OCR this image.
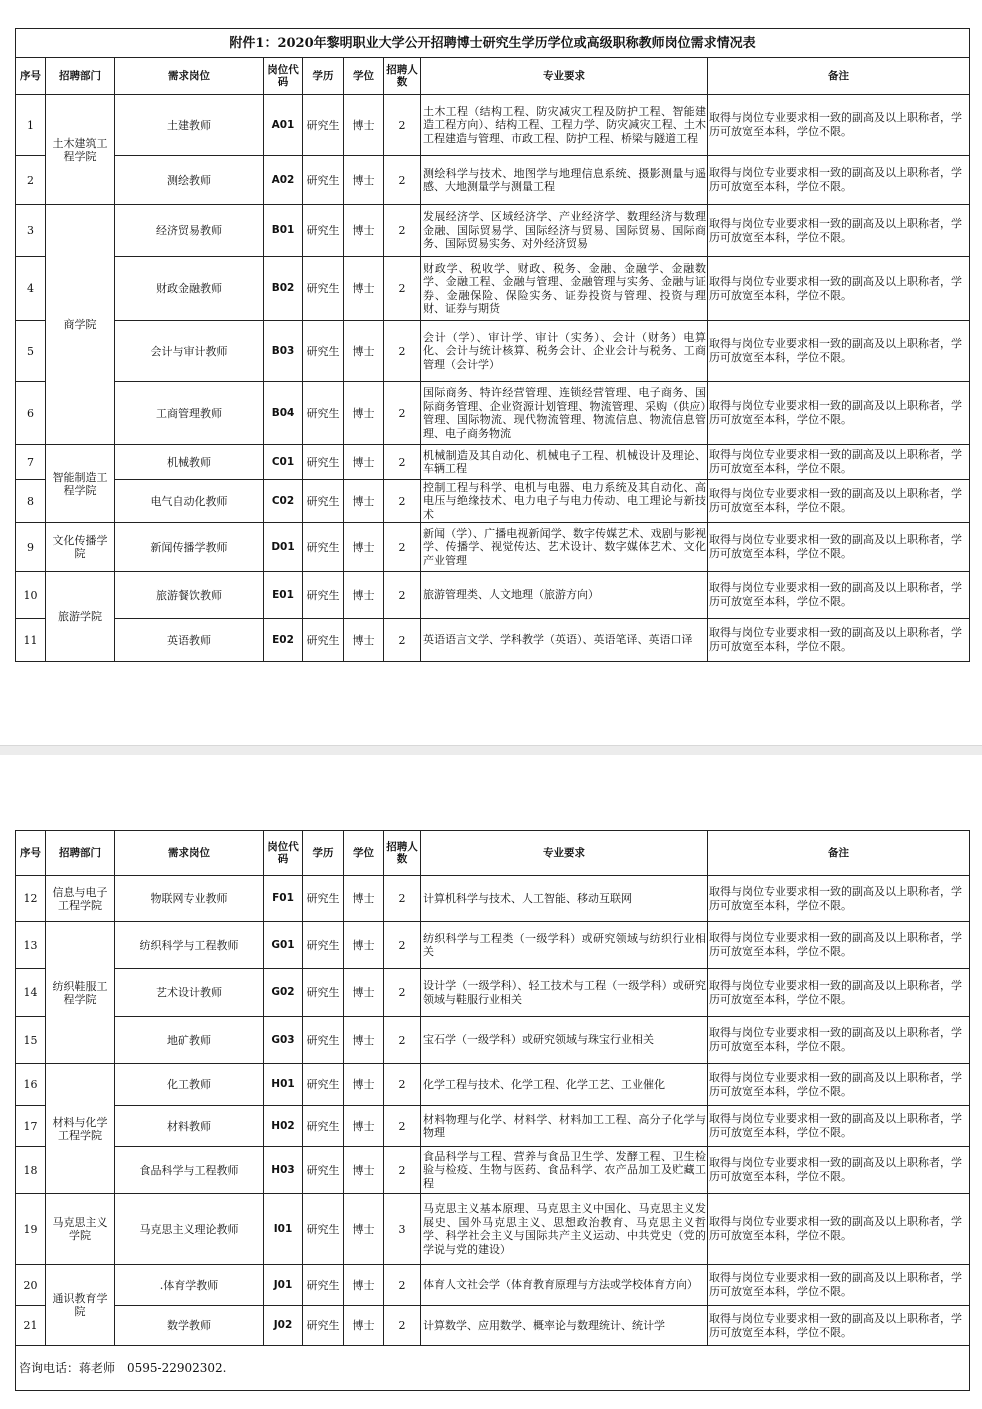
附件1：2020年黎明职业大学公开招聘博士研究生学历学位或高级职称教师岗位需求情况表								
序号	招聘部门	需求岗位	岗位代码	学历	学位	招聘人数	专业要求	备注
1	土木建筑工程学院	土建教师	A01	研究生	博士	2	土木工程（结构工程、防灾减灾工程及防护工程、智能建造工程方向）、结构工程、工程力学、防灾减灾工程、土木工程建造与管理、市政工程、防护工程、桥梁与隧道工程	取得与岗位专业要求相一致的副高及以上职称者，学历可放宽至本科，学位不限。
2		测绘教师	A02	研究生	博士	2	测绘科学与技术、地图学与地理信息系统、摄影测量与遥感、大地测量学与测量工程	取得与岗位专业要求相一致的副高及以上职称者，学历可放宽至本科，学位不限。
3	商学院	经济贸易教师	B01	研究生	博士	2	发展经济学、区域经济学、产业经济学、数理经济与数理金融、国际贸易学、国际经济与贸易、国际贸易、国际商务、国际贸易实务、对外经济贸易	取得与岗位专业要求相一致的副高及以上职称者，学历可放宽至本科，学位不限。
4		财政金融教师	B02	研究生	博士	2	财政学、税收学、财政、税务、金融、金融学、金融数学、金融工程、金融与管理、金融管理与实务、金融与证券、金融保险、保险实务、证券投资与管理、投资与理财、证券与期货	取得与岗位专业要求相一致的副高及以上职称者，学历可放宽至本科，学位不限。
5		会计与审计教师	B03	研究生	博士	2	会计（学）、审计学、审计（实务）、会计（财务）电算化、会计与统计核算、税务会计、企业会计与税务、工商管理（会计学）	取得与岗位专业要求相一致的副高及以上职称者，学历可放宽至本科，学位不限。
6		工商管理教师	B04	研究生	博士	2	国际商务、特许经营管理、连锁经营管理、电子商务、国际商务管理、企业资源计划管理、物流管理、采购（供应）管理、国际物流、现代物流管理、物流信息、物流信息管理、电子商务物流	取得与岗位专业要求相一致的副高及以上职称者，学历可放宽至本科，学位不限。
7	智能制造工程学院	机械教师	C01	研究生	博士	2	机械制造及其自动化、机械电子工程、机械设计及理论、车辆工程	取得与岗位专业要求相一致的副高及以上职称者，学历可放宽至本科，学位不限。
8		电气自动化教师	C02	研究生	博士	2	控制工程与科学、电机与电器、电力系统及其自动化、高电压与绝缘技术、电力电子与电力传动、电工理论与新技术	取得与岗位专业要求相一致的副高及以上职称者，学历可放宽至本科，学位不限。
9	文化传播学院	新闻传播学教师	D01	研究生	博士	2	新闻（学）、广播电视新闻学、数字传媒艺术、戏剧与影视学、传播学、视觉传达、艺术设计、数字媒体艺术、文化产业管理	取得与岗位专业要求相一致的副高及以上职称者，学历可放宽至本科，学位不限。
10	旅游学院	旅游餐饮教师	E01	研究生	博士	2	旅游管理类、人文地理（旅游方向）	取得与岗位专业要求相一致的副高及以上职称者，学历可放宽至本科，学位不限。
11		英语教师	E02	研究生	博士	2	英语语言文学、学科教学（英语）、英语笔译、英语口译	取得与岗位专业要求相一致的副高及以上职称者，学历可放宽至本科，学位不限。
序号	招聘部门	需求岗位	岗位代码	学历	学位	招聘人数	专业要求	备注
12	信息与电子工程学院	物联网专业教师	F01	研究生	博士	2	计算机科学与技术、人工智能、移动互联网	取得与岗位专业要求相一致的副高及以上职称者，学历可放宽至本科，学位不限。
13	纺织鞋服工程学院	纺织科学与工程教师	G01	研究生	博士	2	纺织科学与工程类（一级学科）或研究领域与纺织行业相关	取得与岗位专业要求相一致的副高及以上职称者，学历可放宽至本科，学位不限。
14		艺术设计教师	G02	研究生	博士	2	设计学（一级学科）、轻工技术与工程（一级学科）或研究领域与鞋服行业相关	取得与岗位专业要求相一致的副高及以上职称者，学历可放宽至本科，学位不限。
15		地矿教师	G03	研究生	博士	2	宝石学（一级学科）或研究领域与珠宝行业相关	取得与岗位专业要求相一致的副高及以上职称者，学历可放宽至本科，学位不限。
16	材料与化学工程学院	化工教师	H01	研究生	博士	2	化学工程与技术、化学工程、化学工艺、工业催化	取得与岗位专业要求相一致的副高及以上职称者，学历可放宽至本科，学位不限。
17		材料教师	H02	研究生	博士	2	材料物理与化学、材料学、材料加工工程、高分子化学与物理	取得与岗位专业要求相一致的副高及以上职称者，学历可放宽至本科，学位不限。
18		食品科学与工程教师	H03	研究生	博士	2	食品科学与工程、营养与食品卫生学、发酵工程、卫生检验与检疫、生物与医药、食品科学、农产品加工及贮藏工程	取得与岗位专业要求相一致的副高及以上职称者，学历可放宽至本科，学位不限。
19	马克思主义学院	马克思主义理论教师	I01	研究生	博士	3	马克思主义基本原理、马克思主义中国化、马克思主义发展史、国外马克思主义、思想政治教育、马克思主义哲学、科学社会主义与国际共产主义运动、中共党史（党的学说与党的建设）	取得与岗位专业要求相一致的副高及以上职称者，学历可放宽至本科，学位不限。
20	通识教育学院	.体育学教师	J01	研究生	博士	2	体育人文社会学（体育教育原理与方法或学校体育方向）	取得与岗位专业要求相一致的副高及以上职称者，学历可放宽至本科，学位不限。
21		数学教师	J02	研究生	博士	2	计算数学、应用数学、概率论与数理统计、统计学	取得与岗位专业要求相一致的副高及以上职称者，学历可放宽至本科，学位不限。
咨询电话：蒋老师　0595-22902302.								
